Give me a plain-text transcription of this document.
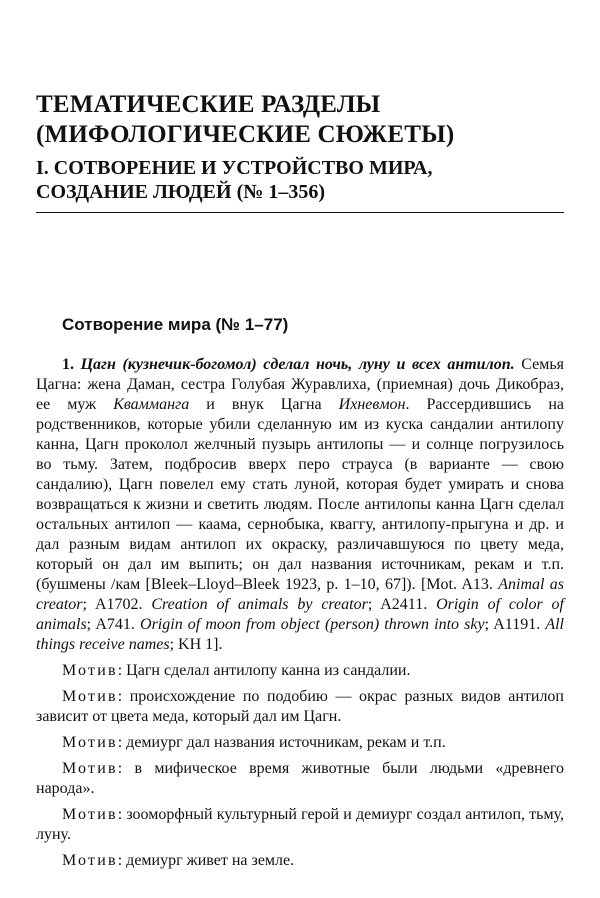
ТЕМАТИЧЕСКИЕ РАЗДЕЛЫ
(МИФОЛОГИЧЕСКИЕ СЮЖЕТЫ)
I. СОТВОРЕНИЕ И УСТРОЙСТВО МИРА,
СОЗДАНИЕ ЛЮДЕЙ (№ 1–356)
Сотворение мира (№ 1–77)

1. Цагн (кузнечик-богомол) сделал ночь, луну и всех антилоп. Семья Цагна: жена Даман, сестра Голубая Журавлиха, (приемная) дочь Дикобраз, ее муж Квамманга и внук Цагна Ихневмон. Рассердившись на родственников, которые убили сделанную им из куска сандалии антилопу канна, Цагн проколол желчный пузырь антилопы — и солнце погрузилось во тьму. Затем, подбросив вверх перо страуса (в варианте — свою сандалию), Цагн повелел ему стать луной, которая будет умирать и снова возвращаться к жизни и светить людям. После антилопы канна Цагн сделал остальных антилоп — каама, сернобыка, квaггу, антилопу-прыгуна и др. и дал разным видам антилоп их окраску, различавшуюся по цвету меда, который он дал им выпить; он дал названия источникам, рекам и т.п. (бушмены /кам [Bleek–Lloyd–Bleek 1923, p. 1–10, 67]). [Mot. A13. Animal as creator; A1702. Creation of animals by creator; A2411. Origin of color of animals; A741. Origin of moon from object (person) thrown into sky; A1191. All things receive names; KH 1].

Мотив: Цагн сделал антилопу канна из сандалии.

Мотив: происхождение по подобию — окрас разных видов антилоп зависит от цвета меда, который дал им Цагн.

Мотив: демиург дал названия источникам, рекам и т.п.

Мотив: в мифическое время животные были людьми «древнего народа».

Мотив: зооморфный культурный герой и демиург создал антилоп, тьму, луну.

Мотив: демиург живет на земле.
